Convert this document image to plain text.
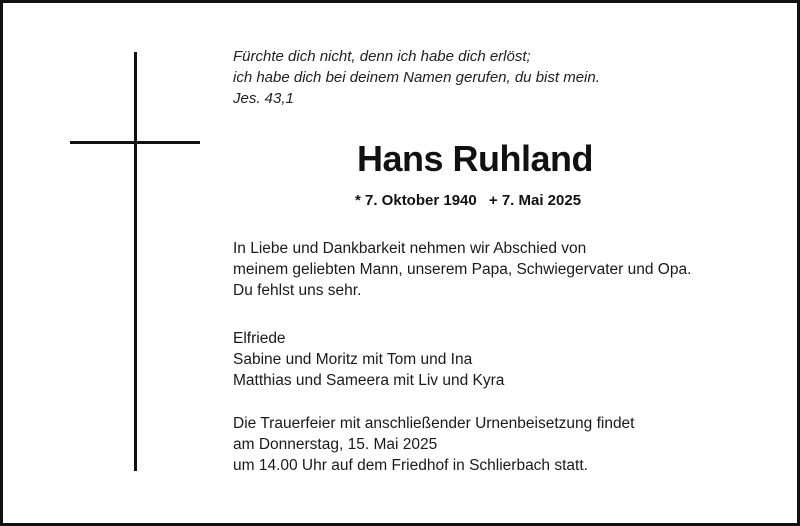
Fürchte dich nicht, denn ich habe dich erlöst;
ich habe dich bei deinem Namen gerufen, du bist mein.
Jes. 43,1
Hans Ruhland
* 7. Oktober 1940 + 7. Mai 2025
In Liebe und Dankbarkeit nehmen wir Abschied von
meinem geliebten Mann, unserem Papa, Schwiegervater und Opa.
Du fehlst uns sehr.
Elfriede
Sabine und Moritz mit Tom und Ina
Matthias und Sameera mit Liv und Kyra
Die Trauerfeier mit anschließender Urnenbeisetzung findet
am Donnerstag, 15. Mai 2025
um 14.00 Uhr auf dem Friedhof in Schlierbach statt.
